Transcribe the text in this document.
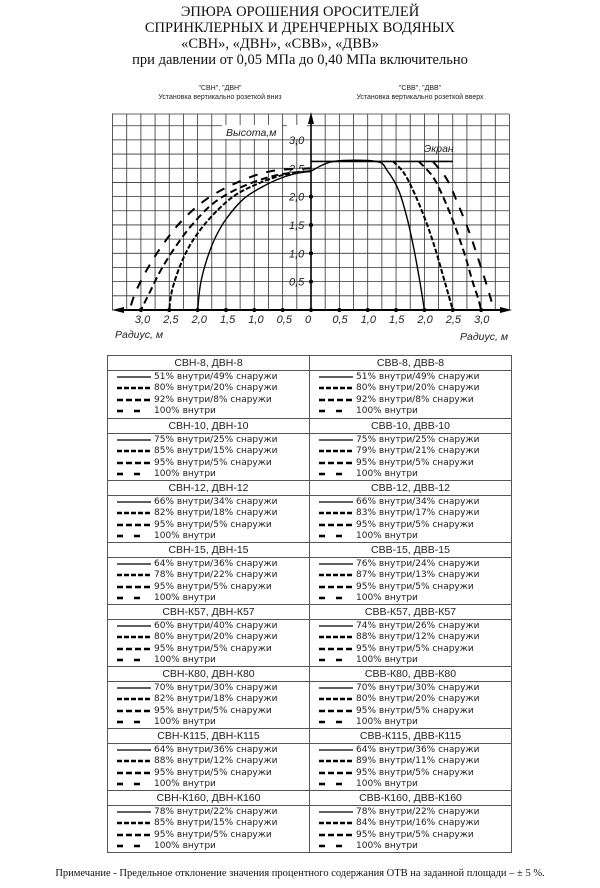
ЭПЮРА ОРОШЕНИЯ ОРОСИТЕЛЕЙ
СПРИНКЛЕРНЫХ И ДРЕНЧЕРНЫХ ВОДЯНЫХ
«СВН», «ДВН», «СВВ», «ДВВ»
при давлении от 0,05 МПа до 0,40 МПа включительно
"СВН", "ДВН"
Установка вертикально розеткой вниз
"СВВ", "ДВВ"
Установка вертикально розеткой вверх
3,0 2,5 2,0 1,5 1,0 0,5 0 0,5 1,0 1,5 2,0 2,5 3,0
0,5
1,0
1,5
2,0
2,5
3,0
Высота,м
Радиус, м	Радиус, м
Экран
СВН-8, ДВН-8
51% внутри/49% снаружи
80% внутри/20% снаружи
92% внутри/8% снаружи
100% внутри
СВВ-8, ДВВ-8
51% внутри/49% снаружи
80% внутри/20% снаружи
92% внутри/8% снаружи
100% внутри
СВН-10, ДВН-10
75% внутри/25% снаружи
85% внутри/15% снаружи
95% внутри/5% снаружи
100% внутри
СВВ-10, ДВВ-10
75% внутри/25% снаружи
79% внутри/21% снаружи
95% внутри/5% снаружи
100% внутри
СВН-12, ДВН-12
66% внутри/34% снаружи
82% внутри/18% снаружи
95% внутри/5% снаружи
100% внутри
СВВ-12, ДВВ-12
66% внутри/34% снаружи
83% внутри/17% снаружи
95% внутри/5% снаружи
100% внутри
СВН-15, ДВН-15
64% внутри/36% снаружи
78% внутри/22% снаружи
95% внутри/5% снаружи
100% внутри
СВВ-15, ДВВ-15
76% внутри/24% снаружи
87% внутри/13% снаружи
95% внутри/5% снаружи
100% внутри
СВН-К57, ДВН-К57
60% внутри/40% снаружи
80% внутри/20% снаружи
95% внутри/5% снаружи
100% внутри
СВВ-К57, ДВВ-К57
74% внутри/26% снаружи
88% внутри/12% снаружи
95% внутри/5% снаружи
100% внутри
СВН-К80, ДВН-К80
70% внутри/30% снаружи
82% внутри/18% снаружи
95% внутри/5% снаружи
100% внутри
СВВ-К80, ДВВ-К80
70% внутри/30% снаружи
80% внутри/20% снаружи
95% внутри/5% снаружи
100% внутри
СВН-К115, ДВН-К115
64% внутри/36% снаружи
88% внутри/12% снаружи
95% внутри/5% снаружи
100% внутри
СВВ-К115, ДВВ-К115
64% внутри/36% снаружи
89% внутри/11% снаружи
95% внутри/5% снаружи
100% внутри
СВН-К160, ДВН-К160
78% внутри/22% снаружи
85% внутри/15% снаружи
95% внутри/5% снаружи
100% внутри
СВВ-К160, ДВВ-К160
78% внутри/22% снаружи
84% внутри/16% снаружи
95% внутри/5% снаружи
100% внутри
Примечание - Предельное отклонение значения процентного содержания ОТВ на заданной площади – ± 5 %.
